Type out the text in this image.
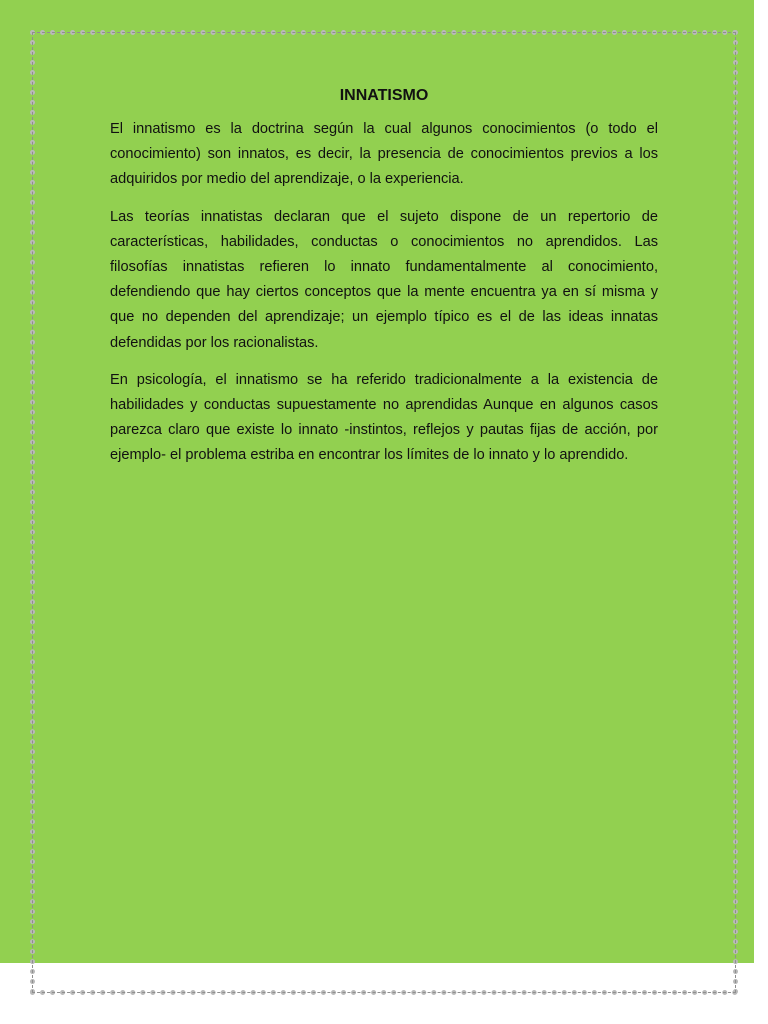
INNATISMO

El innatismo es la doctrina según la cual algunos conocimientos (o todo el conocimiento) son innatos, es decir, la presencia de conocimientos previos a los adquiridos por medio del aprendizaje, o la experiencia.

Las teorías innatistas declaran que el sujeto dispone de un repertorio de características, habilidades, conductas o conocimientos no aprendidos. Las filosofías innatistas refieren lo innato fundamentalmente al conocimiento, defendiendo que hay ciertos conceptos que la mente encuentra ya en sí misma y que no dependen del aprendizaje; un ejemplo típico es el de las ideas innatas defendidas por los racionalistas.

En psicología, el innatismo se ha referido tradicionalmente a la existencia de habilidades y conductas supuestamente no aprendidas Aunque en algunos casos parezca claro que existe lo innato -instintos, reflejos y pautas fijas de acción, por ejemplo- el problema estriba en encontrar los límites de lo innato y lo aprendido.
